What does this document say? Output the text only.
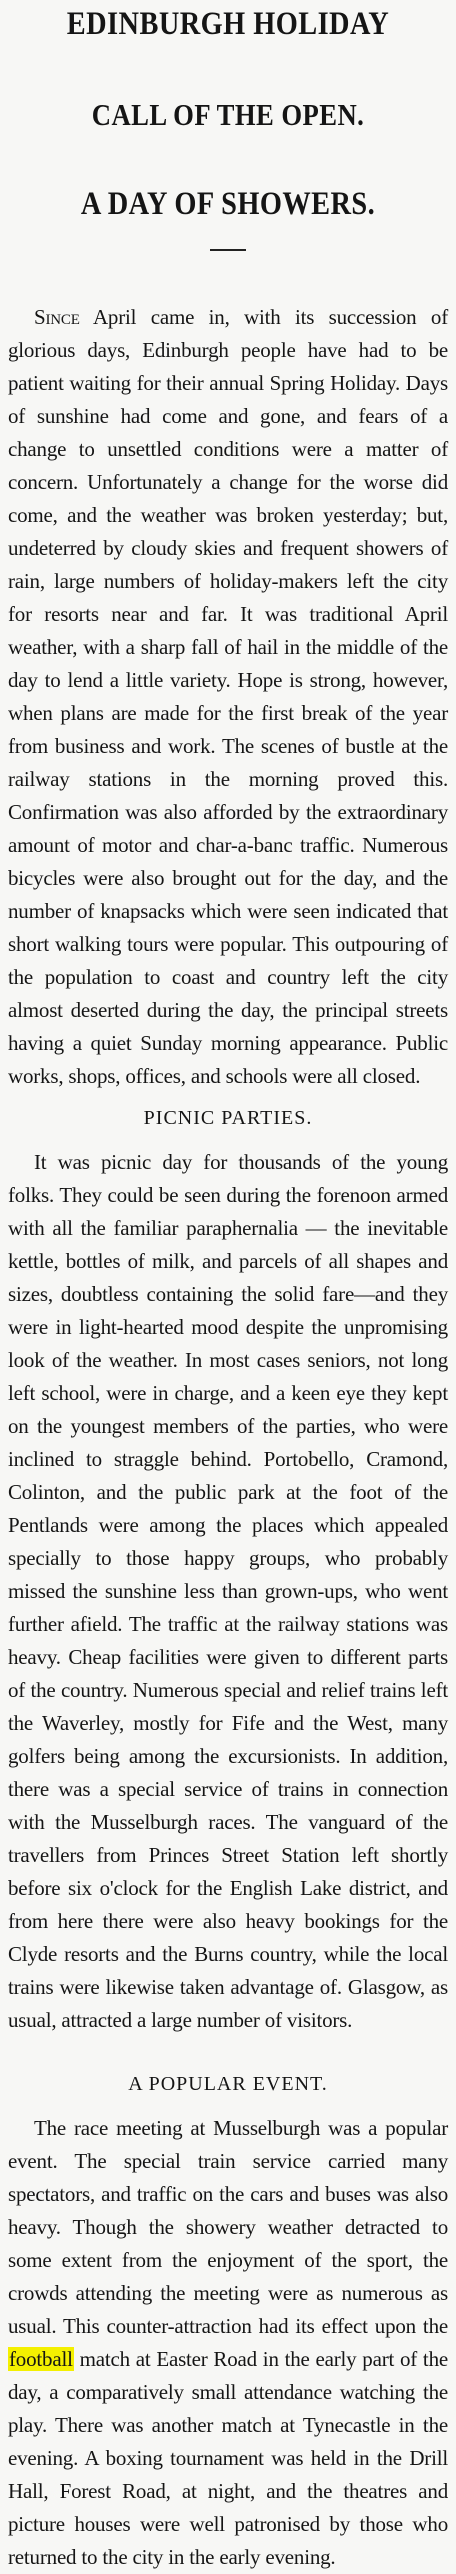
EDINBURGH HOLIDAY
CALL OF THE OPEN.
A DAY OF SHOWERS.

Since April came in, with its succession of glorious days, Edinburgh people have had to be patient waiting for their annual Spring Holiday. Days of sunshine had come and gone, and fears of a change to unsettled conditions were a matter of concern. Unfortunately a change for the worse did come, and the weather was broken yesterday; but, undeterred by cloudy skies and frequent showers of rain, large numbers of holiday-makers left the city for resorts near and far. It was traditional April weather, with a sharp fall of hail in the middle of the day to lend a little variety. Hope is strong, however, when plans are made for the first break of the year from business and work. The scenes of bustle at the railway stations in the morning proved this. Confirmation was also afforded by the extraordinary amount of motor and char-a-banc traffic. Numerous bicycles were also brought out for the day, and the number of knapsacks which were seen indicated that short walking tours were popular. This outpouring of the population to coast and country left the city almost deserted during the day, the principal streets having a quiet Sunday morning appearance. Public works, shops, offices, and schools were all closed.

PICNIC PARTIES.

It was picnic day for thousands of the young folks. They could be seen during the forenoon armed with all the familiar paraphernalia — the inevitable kettle, bottles of milk, and parcels of all shapes and sizes, doubtless containing the solid fare—and they were in light-hearted mood despite the unpromising look of the weather. In most cases seniors, not long left school, were in charge, and a keen eye they kept on the youngest members of the parties, who were inclined to straggle behind. Portobello, Cramond, Colinton, and the public park at the foot of the Pentlands were among the places which appealed specially to those happy groups, who probably missed the sunshine less than grown-ups, who went further afield. The traffic at the railway stations was heavy. Cheap facilities were given to different parts of the country. Numerous special and relief trains left the Waverley, mostly for Fife and the West, many golfers being among the excursionists. In addition, there was a special service of trains in connection with the Musselburgh races. The vanguard of the travellers from Princes Street Station left shortly before six o'clock for the English Lake district, and from here there were also heavy bookings for the Clyde resorts and the Burns country, while the local trains were likewise taken advantage of. Glasgow, as usual, attracted a large number of visitors.

A POPULAR EVENT.

The race meeting at Musselburgh was a popular event. The special train service carried many spectators, and traffic on the cars and buses was also heavy. Though the showery weather detracted to some extent from the enjoyment of the sport, the crowds attending the meeting were as numerous as usual. This counter-attraction had its effect upon the football match at Easter Road in the early part of the day, a comparatively small attendance watching the play. There was another match at Tynecastle in the evening. A boxing tournament was held in the Drill Hall, Forest Road, at night, and the theatres and picture houses were well patronised by those who returned to the city in the early evening.
